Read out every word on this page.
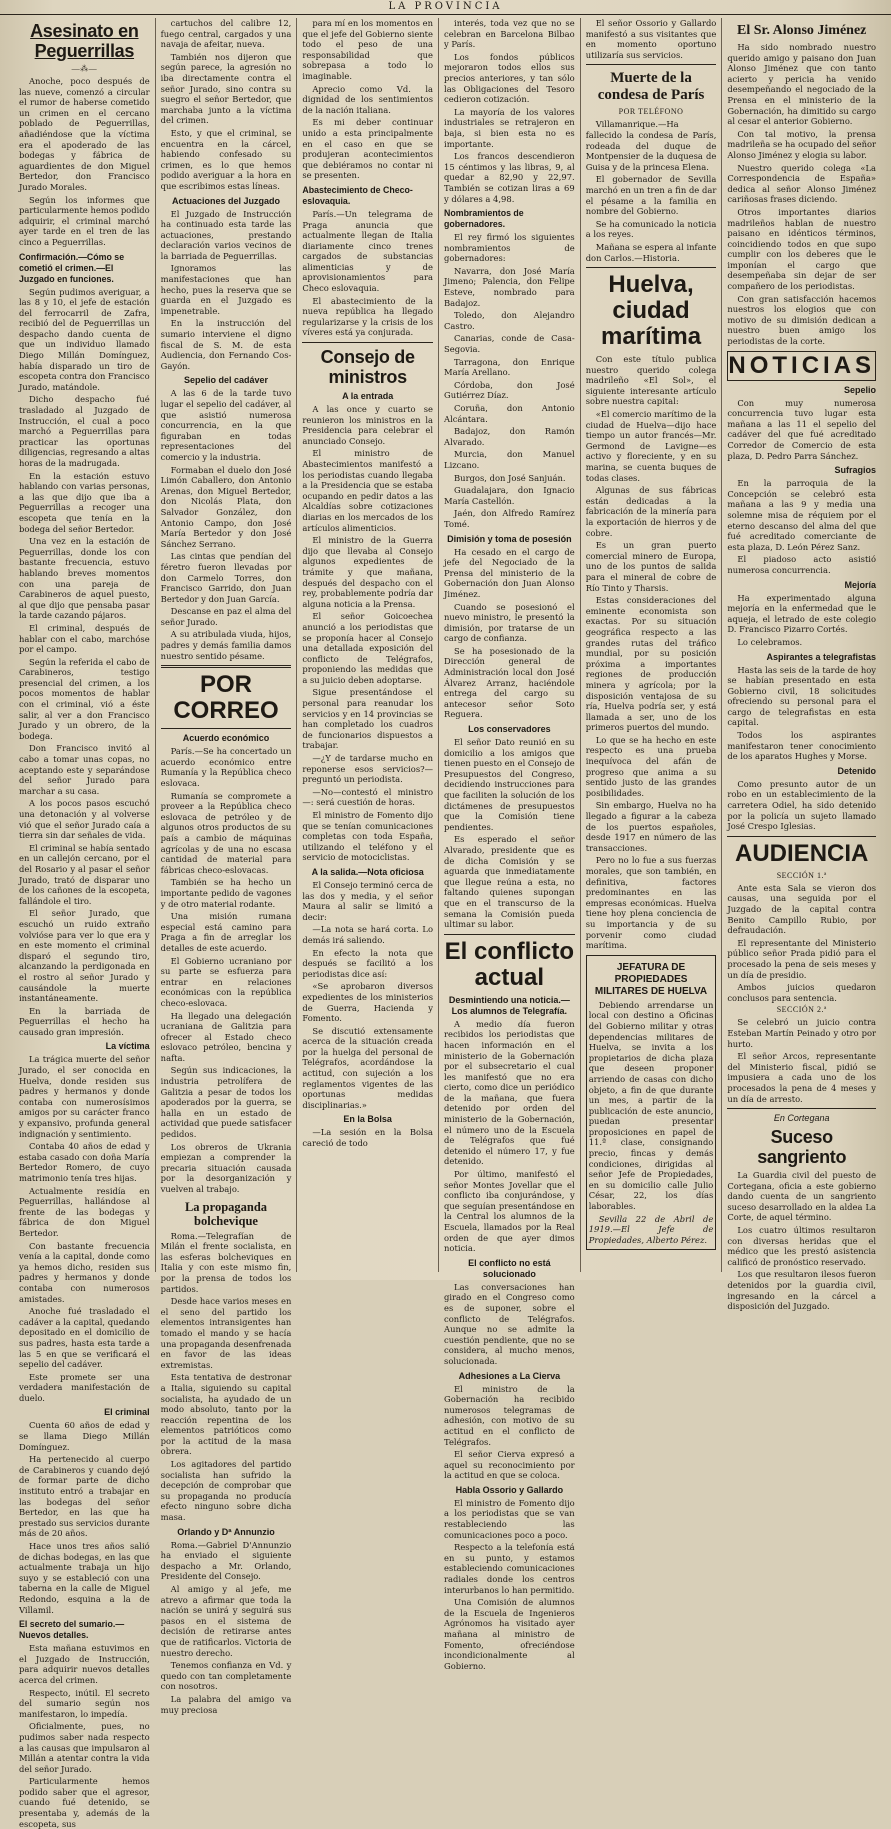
LA PROVINCIA
Asesinato en Peguerrillas
—⁂—

Anoche, poco después de las nueve, comenzó a circular el rumor de haberse cometido un crimen en el cercano poblado de Peguerrillas, añadiéndose que la víctima era el apoderado de las bodegas y fábrica de aguardientes de don Miguel Bertedor, don Francisco Jurado Morales.

Según los informes que particularmente hemos podido adquirir, el criminal marchó ayer tarde en el tren de las cinco a Peguerrillas.

Confirmación.—Cómo se cometió el crimen.—El Juzgado en funciones.

Según pudimos averiguar, a las 8 y 10, el jefe de estación del ferrocarril de Zafra, recibió del de Peguerrillas un despacho dando cuenta de que un individuo llamado Diego Millán Domínguez, había disparado un tiro de escopeta contra don Francisco Jurado, matándole.

Dicho despacho fué trasladado al Juzgado de Instrucción, el cual a poco marchó a Peguerrillas para practicar las oportunas diligencias, regresando a altas horas de la madrugada.

En la estación estuvo hablando con varias personas, a las que dijo que iba a Peguerrillas a recoger una escopeta que tenía en la bodega del señor Bertedor.

Una vez en la estación de Peguerrillas, donde los con bastante frecuencia, estuvo hablando breves momentos con una pareja de Carabineros de aquel puesto, al que dijo que pensaba pasar la tarde cazando pájaros.

El criminal, después de hablar con el cabo, marchóse por el campo.

Según la referida el cabo de Carabineros, testigo presencial del crimen, a los pocos momentos de hablar con el criminal, vió a éste salir, al ver a don Francisco Jurado y un obrero, de la bodega.

Don Francisco invitó al cabo a tomar unas copas, no aceptando este y separándose del señor Jurado para marchar a su casa.

A los pocos pasos escuchó una detonación y al volverse vió que el señor Jurado caía a tierra sin dar señales de vida.

El criminal se había sentado en un callejón cercano, por el del Rosario y al pasar el señor Jurado, trató de disparar uno de los cañones de la escopeta, fallándole el tiro.

El señor Jurado, que escuchó un ruido extraño volvióse para ver lo que era y en este momento el criminal disparó el segundo tiro, alcanzando la perdigonada en el rostro al señor Jurado y causándole la muerte instantáneamente.

En la barriada de Peguerrillas el hecho ha causado gran impresión.

La víctima

La trágica muerte del señor Jurado, el ser conocida en Huelva, donde residen sus padres y hermanos y donde contaba con numerosísimos amigos por su carácter franco y expansivo, profunda general indignación y sentimiento.

Contaba 40 años de edad y estaba casado con doña María Bertedor Romero, de cuyo matrimonio tenía tres hijas.

Actualmente residía en Peguerrillas, hallándose al frente de las bodegas y fábrica de don Miguel Bertedor.

Con bastante frecuencia venía a la capital, donde como ya hemos dicho, residen sus padres y hermanos y donde contaba con numerosos amistades.

Anoche fué trasladado el cadáver a la capital, quedando depositado en el domicilio de sus padres, hasta esta tarde a las 5 en que se verificará el sepelio del cadáver.

Este promete ser una verdadera manifestación de duelo.

El criminal

Cuenta 60 años de edad y se llama Diego Millán Domínguez.

Ha pertenecido al cuerpo de Carabineros y cuando dejó de formar parte de dicho instituto entró a trabajar en las bodegas del señor Bertedor, en las que ha prestado sus servicios durante más de 20 años.

Hace unos tres años salió de dichas bodegas, en las que actualmente trabaja un hijo suyo y se estableció con una taberna en la calle de Miguel Redondo, esquina a la de Villamil.

El secreto del sumario.—Nuevos detalles.

Esta mañana estuvimos en el Juzgado de Instrucción, para adquirir nuevos detalles acerca del crimen.

Respecto, inútil. El secreto del sumario según nos manifestaron, lo impedía.

Oficialmente, pues, no pudimos saber nada respecto a las causas que impulsaron al Millán a atentar contra la vida del señor Jurado.

Particularmente hemos podido saber que el agresor, cuando fué detenido, se presentaba y, además de la escopeta, sus

cartuchos del calibre 12, fuego central, cargados y una navaja de afeitar, nueva.

También nos dijeron que según parece, la agresión no iba directamente contra el señor Jurado, sino contra su suegro el señor Bertedor, que marchaba junto a la víctima del crimen.

Esto, y que el criminal, se encuentra en la cárcel, habiendo confesado su crimen, es lo que hemos podido averiguar a la hora en que escribimos estas líneas.

Actuaciones del Juzgado

El Juzgado de Instrucción ha continuado esta tarde las actuaciones, prestando declaración varios vecinos de la barriada de Peguerrillas.

Ignoramos las manifestaciones que han hecho, pues la reserva que se guarda en el Juzgado es impenetrable.

En la instrucción del sumario interviene el digno fiscal de S. M. de esta Audiencia, don Fernando Cos-Gayón.

Sepelio del cadáver

A las 6 de la tarde tuvo lugar el sepelio del cadáver, al que asistió numerosa concurrencia, en la que figuraban en todas representaciones del comercio y la industria.

Formaban el duelo don José Limón Caballero, don Antonio Arenas, don Miguel Bertedor, don Nicolás Plata, don Salvador González, don Antonio Campo, don José María Bertedor y don José Sánchez Serrano.

Las cintas que pendían del féretro fueron llevadas por don Carmelo Torres, don Francisco Garrido, don Juan Bertedor y don Juan García.

Descanse en paz el alma del señor Jurado.

A su atribulada viuda, hijos, padres y demás familia damos nuestro sentido pésame.

POR CORREO
Acuerdo económico

París.—Se ha concertado un acuerdo económico entre Rumanía y la República checo eslovaca.

Rumanía se compromete a proveer a la República checo eslovaca de petróleo y de algunos otros productos de su país a cambio de máquinas agrícolas y de una no escasa cantidad de material para fábricas checo-eslovacas.

También se ha hecho un importante pedido de vagones y de otro material rodante.

Una misión rumana especial está camino para Praga a fin de arreglar los detalles de este acuerdo.

El Gobierno ucraniano por su parte se esfuerza para entrar en relaciones económicas con la república checo-eslovaca.

Ha llegado una delegación ucraniana de Galitzia para ofrecer al Estado checo eslovaco petróleo, bencina y nafta.

Según sus indicaciones, la industria petrolífera de Galitzia a pesar de todos los apoderados por la guerra, se halla en un estado de actividad que puede satisfacer pedidos.

Los obreros de Ukrania empiezan a comprender la precaria situación causada por la desorganización y vuelven al trabajo.

La propaganda bolchevique

Roma.—Telegrafían de Milán el frente socialista, en las esferas bolcheviques en Italia y con este mismo fin, por la prensa de todos los partidos.

Desde hace varios meses en el seno del partido los elementos intransigentes han tomado el mando y se hacía una propaganda desenfrenada en favor de las ideas extremistas.

Esta tentativa de destronar a Italia, siguiendo su capital socialista, ha ayudado de un modo absoluto, tanto por la reacción repentina de los elementos patrióticos como por la actitud de la masa obrera.

Los agitadores del partido socialista han sufrido la decepción de comprobar que su propaganda no producía efecto ninguno sobre dicha masa.

Orlando y Dª Annunzio

Roma.—Gabriel D'Annunzio ha enviado el siguiente despacho a Mr. Orlando, Presidente del Consejo.

Al amigo y al jefe, me atrevo a afirmar que toda la nación se unirá y seguirá sus pasos en el sistema de decisión de retirarse antes que de ratificarlos. Victoria de nuestro derecho.

Tenemos confianza en Vd. y quedo con tan completamente con nosotros.

La palabra del amigo va muy preciosa

para mí en los momentos en que el jefe del Gobierno siente todo el peso de una responsabilidad que sobrepasa a todo lo imaginable.

Aprecio como Vd. la dignidad de los sentimientos de la nación italiana.

Es mi deber continuar unido a esta principalmente en el caso en que se produjeran acontecimientos que debiéramos no contar ni se presenten.

Abastecimiento de Checo-eslovaquia.

París.—Un telegrama de Praga anuncia que actualmente llegan de Italia diariamente cinco trenes cargados de substancias alimenticias y de aprovisionamientos para Checo eslovaquia.

El abastecimiento de la nueva república ha llegado regularizarse y la crisis de los víveres está ya conjurada.

Consejo de ministros
A la entrada

A las once y cuarto se reunieron los ministros en la Presidencia para celebrar el anunciado Consejo.

El ministro de Abastecimientos manifestó a los periodistas cuando llegaba a la Presidencia que se estaba ocupando en pedir datos a las Alcaldías sobre cotizaciones diarias en los mercados de los artículos alimenticios.

El ministro de la Guerra dijo que llevaba al Consejo algunos expedientes de trámite y que mañana, después del despacho con el rey, probablemente podría dar alguna noticia a la Prensa.

El señor Goicoechea anunció a los periodistas que se proponía hacer al Consejo una detallada exposición del conflicto de Telégrafos, proponiendo las medidas que a su juicio deben adoptarse.

Sigue presentándose el personal para reanudar los servicios y en 14 provincias se han completado los cuadros de funcionarios dispuestos a trabajar.

—¿Y de tardarse mucho en reponerse esos servicios?—preguntó un periodista.

—No—contestó el ministro—: será cuestión de horas.

El ministro de Fomento dijo que se tenían comunicaciones completas con toda España, utilizando el teléfono y el servicio de motociclistas.

A la salida.—Nota oficiosa

El Consejo terminó cerca de las dos y media, y el señor Maura al salir se limitó a decir:

—La nota se hará corta. Lo demás irá saliendo.

En efecto la nota que después se facilitó a los periodistas dice así:

«Se aprobaron diversos expedientes de los ministerios de Guerra, Hacienda y Fomento.

Se discutió extensamente acerca de la situación creada por la huelga del personal de Telégrafos, acordándose la actitud, con sujeción a los reglamentos vigentes de las oportunas medidas disciplinarias.»

En la Bolsa

—La sesión en la Bolsa careció de todo

interés, toda vez que no se celebran en Barcelona Bilbao y París.

Los fondos públicos mejoraron todos ellos sus precios anteriores, y tan sólo las Obligaciones del Tesoro cedieron cotización.

La mayoría de los valores industriales se retrajeron en baja, si bien esta no es importante.

Los francos descendieron 15 céntimos y las libras, 9, al quedar a 82,90 y 22,97. También se cotizan liras a 69 y dólares a 4,98.

Nombramientos de gobernadores.

El rey firmó los siguientes nombramientos de gobernadores:

Navarra, don José María Jimeno; Palencia, don Felipe Esteve, nombrado para Badajoz.

Toledo, don Alejandro Castro.

Canarias, conde de Casa-Segovia.

Tarragona, don Enrique María Arellano.

Córdoba, don José Gutiérrez Díaz.

Coruña, don Antonio Alcántara.

Badajoz, don Ramón Alvarado.

Murcia, don Manuel Lizcano.

Burgos, don José Sanjuán.

Guadalajara, don Ignacio María Castellón.

Jaén, don Alfredo Ramírez Tomé.

Dimisión y toma de posesión

Ha cesado en el cargo de jefe del Negociado de la Prensa del ministerio de la Gobernación don Juan Alonso Jiménez.

Cuando se posesionó el nuevo ministro, le presentó la dimisión, por tratarse de un cargo de confianza.

Se ha posesionado de la Dirección general de Administración local don José Álvarez Arranz, haciéndole entrega del cargo su antecesor señor Soto Reguera.

Los conservadores

El señor Dato reunió en su domicilio a los amigos que tienen puesto en el Consejo de Presupuestos del Congreso, decidiendo instrucciones para que faciliten la solución de los dictámenes de presupuestos que la Comisión tiene pendientes.

Es esperado el señor Alvarado, presidente que es de dicha Comisión y se aguarda que inmediatamente que llegue reúna a esta, no faltando quienes supongan que en el transcurso de la semana la Comisión pueda ultimar su labor.

El conflicto actual
Desmintiendo una noticia.—Los alumnos de Telegrafía.

A medio día fueron recibidos los periodistas que hacen información en el ministerio de la Gobernación por el subsecretario el cual les manifestó que no era cierto, como dice un periódico de la mañana, que fuera detenido por orden del ministerio de la Gobernación, el número uno de la Escuela de Telégrafos que fué detenido el número 17, y fue detenido.

Por último, manifestó el señor Montes Jovellar que el conflicto iba conjurándose, y que seguían presentándose en la Central los alumnos de la Escuela, llamados por la Real orden de que ayer dimos noticia.

El conflicto no está solucionado

Las conversaciones han girado en el Congreso como es de suponer, sobre el conflicto de Telégrafos. Aunque no se admite la cuestión pendiente, que no se considera, al mucho menos, solucionada.

Adhesiones a La Cierva

El ministro de la Gobernación ha recibido numerosos telegramas de adhesión, con motivo de su actitud en el conflicto de Telégrafos.

El señor Cierva expresó a aquel su reconocimiento por la actitud en que se coloca.

Habla Ossorio y Gallardo

El ministro de Fomento dijo a los periodistas que se van restableciendo las comunicaciones poco a poco.

Respecto a la telefonía está en su punto, y estamos estableciendo comunicaciones radiales donde los centros interurbanos lo han permitido.

Una Comisión de alumnos de la Escuela de Ingenieros Agrónomos ha visitado ayer mañana al ministro de Fomento, ofreciéndose incondicionalmente al Gobierno.

El señor Ossorio y Gallardo manifestó a sus visitantes que en momento oportuno utilizaría sus servicios.

Muerte de la condesa de París
POR TELÉFONO

Villamanrique.—Ha fallecido la condesa de París, rodeada del duque de Montpensier de la duquesa de Guisa y de la princesa Elena.

El gobernador de Sevilla marchó en un tren a fin de dar el pésame a la familia en nombre del Gobierno.

Se ha comunicado la noticia a los reyes.

Mañana se espera al infante don Carlos.—Historia.

Huelva, ciudad marítima

Con este título publica nuestro querido colega madrileño «El Sol», el siguiente interesante artículo sobre nuestra capital:

«El comercio marítimo de la ciudad de Huelva—dijo hace tiempo un autor francés—Mr. Germond de Lavigne—es activo y floreciente, y en su marina, se cuenta buques de todas clases.

Algunas de sus fábricas están dedicadas a la fabricación de la minería para la exportación de hierros y de cobre.

Es un gran puerto comercial minero de Europa, uno de los puntos de salida para el mineral de cobre de Río Tinto y Tharsis.

Estas consideraciones del eminente economista son exactas. Por su situación geográfica respecto a las grandes rutas del tráfico mundial, por su posición próxima a importantes regiones de producción minera y agrícola; por la disposición ventajosa de su ría, Huelva podría ser, y está llamada a ser, uno de los primeros puertos del mundo.

Lo que se ha hecho en este respecto es una prueba inequívoca del afán de progreso que anima a su sentido justo de las grandes posibilidades.

Sin embargo, Huelva no ha llegado a figurar a la cabeza de los puertos españoles, desde 1917 en número de las transacciones.

Pero no lo fue a sus fuerzas morales, que son también, en definitiva, factores predominantes en las empresas económicas. Huelva tiene hoy plena conciencia de su importancia y de su porvenir como ciudad marítima.

JEFATURA DE PROPIEDADES MILITARES DE HUELVA

Debiendo arrendarse un local con destino a Oficinas del Gobierno militar y otras dependencias militares de Huelva, se invita a los propietarios de dicha plaza que deseen proponer arriendo de casas con dicho objeto, a fin de que durante un mes, a partir de la publicación de este anuncio, puedan presentar proposiciones en papel de 11.ª clase, consignando precio, fincas y demás condiciones, dirigidas al señor Jefe de Propiedades, en su domicilio calle Julio César, 22, los días laborables.

Sevilla 22 de Abril de 1919.—El Jefe de Propiedades, Alberto Pérez.

El Sr. Alonso Jiménez

Ha sido nombrado nuestro querido amigo y paisano don Juan Alonso Jiménez que con tanto acierto y pericia ha venido desempeñando el negociado de la Prensa en el ministerio de la Gobernación, ha dimitido su cargo al cesar el anterior Gobierno.

Con tal motivo, la prensa madrileña se ha ocupado del señor Alonso Jiménez y elogia su labor.

Nuestro querido colega «La Correspondencia de España» dedica al señor Alonso Jiménez cariñosas frases diciendo.

Otros importantes diarios madrileños hablan de nuestro paisano en idénticos términos, coincidiendo todos en que supo cumplir con los deberes que le imponían el cargo que desempeñaba sin dejar de ser compañero de los periodistas.

Con gran satisfacción hacemos nuestros los elogios que con motivo de su dimisión dedican a nuestro buen amigo los periodistas de la corte.

NOTICIAS
Sepelio

Con muy numerosa concurrencia tuvo lugar esta mañana a las 11 el sepelio del cadáver del que fué acreditado Corredor de Comercio de esta plaza, D. Pedro Parra Sánchez.

Sufragios

En la parroquia de la Concepción se celebró esta mañana a las 9 y media una solemne misa de réquiem por el eterno descanso del alma del que fué acreditado comerciante de esta plaza, D. León Pérez Sanz.

El piadoso acto asistió numerosa concurrencia.

Mejoría

Ha experimentado alguna mejoría en la enfermedad que le aqueja, el letrado de este colegio D. Francisco Pizarro Cortés.

Lo celebramos.

Aspirantes a telegrafistas

Hasta las seis de la tarde de hoy se habían presentado en esta Gobierno civil, 18 solicitudes ofreciendo su personal para el cargo de telegrafistas en esta capital.

Todos los aspirantes manifestaron tener conocimiento de los aparatos Hughes y Morse.

Detenido

Como presunto autor de un robo en un establecimiento de la carretera Odiel, ha sido detenido por la policía un sujeto llamado José Crespo Iglesias.

AUDIENCIA
SECCIÓN 1.ª

Ante esta Sala se vieron dos causas, una seguida por el Juzgado de la capital contra Benito Campillo Rubio, por defraudación.

El representante del Ministerio público señor Prada pidió para el procesado la pena de seis meses y un día de presidio.

Ambos juicios quedaron conclusos para sentencia.

SECCIÓN 2.ª

Se celebró un juicio contra Esteban Martín Peinado y otro por hurto.

El señor Arcos, representante del Ministerio fiscal, pidió se impusiera a cada uno de los procesados la pena de 4 meses y un día de arresto.

En Cortegana
Suceso sangriento

La Guardia civil del puesto de Cortegana, oficia a este gobierno dando cuenta de un sangriento suceso desarrollado en la aldea La Corte, de aquel término.

Los cuatro últimos resultaron con diversas heridas que el médico que les prestó asistencia calificó de pronóstico reservado.

Los que resultaron ilesos fueron detenidos por la guardia civil, ingresando en la cárcel a disposición del Juzgado.
